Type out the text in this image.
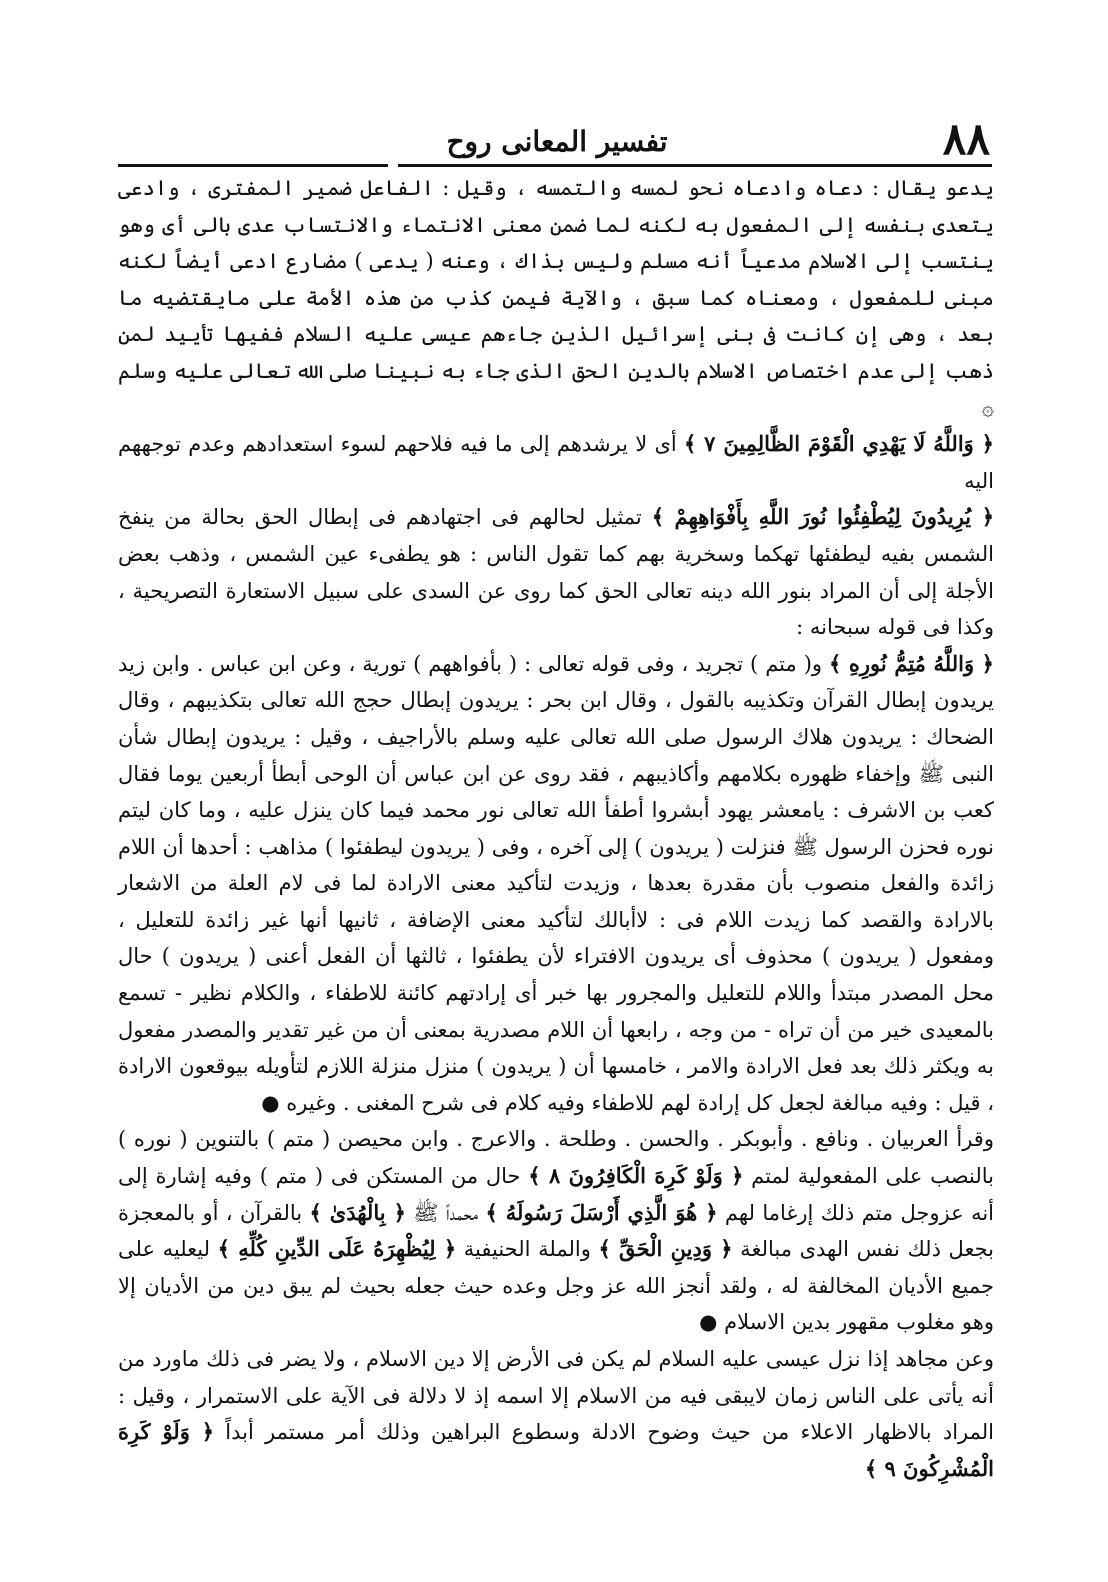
٨٨
تفسير المعانى روح

يدعو يقال : دعاه وادعاه نحو لمسه والتمسه ، وقيل : الفاعل ضمير المفترى ، وادعى يتعدى بنفسه إلى المفعول به لكنه لما ضمن معنى الانتماء والانتساب عدى بالى أى وهو ينتسب إلى الاسلام مدعياً أنه مسلم وليس بذاك ، وعنه ( يدعى ) مضارع ادعى أيضاً لكنه مبنى للمفعول ، ومعناه كما سبق ، والآية فيمن كذب من هذه الأمة على مايقتضيه ما بعد ، وهى إن كانت فى بنى إسرائيل الذين جاءهم عيسى عليه السلام ففيها تأييد لمن ذهب إلى عدم اختصاص الاسلام بالدين الحق الذى جاء به نبينا صلى الله تعالى عليه وسلم ۞

﴿ وَاللَّهُ لَا يَهْدِي الْقَوْمَ الظَّالِمِينَ ٧ ﴾ أى لا يرشدهم إلى ما فيه فلاحهم لسوء استعدادهم وعدم توجههم اليه

﴿ يُرِيدُونَ لِيُطْفِئُوا نُورَ اللَّهِ بِأَفْوَاهِهِمْ ﴾ تمثيل لحالهم فى اجتهادهم فى إبطال الحق بحالة من ينفخ الشمس بفيه ليطفئها تهكما وسخرية بهم كما تقول الناس : هو يطفىء عين الشمس ، وذهب بعض الأجلة إلى أن المراد بنور الله دينه تعالى الحق كما روى عن السدى على سبيل الاستعارة التصريحية ، وكذا فى قوله سبحانه :

﴿ وَاللَّهُ مُتِمُّ نُورِهِ ﴾ و( متم ) تجريد ، وفى قوله تعالى : ( بأفواههم ) تورية ، وعن ابن عباس . وابن زيد يريدون إبطال القرآن وتكذيبه بالقول ، وقال ابن بحر : يريدون إبطال حجج الله تعالى بتكذيبهم ، وقال الضحاك : يريدون هلاك الرسول صلى الله تعالى عليه وسلم بالأراجيف ، وقيل : يريدون إبطال شأن النبى ﷺ وإخفاء ظهوره بكلامهم وأكاذيبهم ، فقد روى عن ابن عباس أن الوحى أبطأ أربعين يوما فقال كعب بن الاشرف : يامعشر يهود أبشروا أطفأ الله تعالى نور محمد فيما كان ينزل عليه ، وما كان ليتم نوره فحزن الرسول ﷺ فنزلت ( يريدون ) إلى آخره ، وفى ( يريدون ليطفئوا ) مذاهب : أحدها أن اللام زائدة والفعل منصوب بأن مقدرة بعدها ، وزيدت لتأكيد معنى الارادة لما فى لام العلة من الاشعار بالارادة والقصد كما زيدت اللام فى : لاأبالك لتأكيد معنى الإضافة ، ثانيها أنها غير زائدة للتعليل ، ومفعول ( يريدون ) محذوف أى يريدون الافتراء لأن يطفئوا ، ثالثها أن الفعل أعنى ( يريدون ) حال محل المصدر مبتدأ واللام للتعليل والمجرور بها خبر أى إرادتهم كائنة للاطفاء ، والكلام نظير - تسمع بالمعيدى خير من أن تراه - من وجه ، رابعها أن اللام مصدرية بمعنى أن من غير تقدير والمصدر مفعول به ويكثر ذلك بعد فعل الارادة والامر ، خامسها أن ( يريدون ) منزل منزلة اللازم لتأويله بيوقعون الارادة ، قيل : وفيه مبالغة لجعل كل إرادة لهم للاطفاء وفيه كلام فى شرح المغنى . وغيره ●

وقرأ العربيان . ونافع . وأبوبكر . والحسن . وطلحة . والاعرج . وابن محيصن ( متم ) بالتنوين ( نوره ) بالنصب على المفعولية لمتم ﴿ وَلَوْ كَرِهَ الْكَافِرُونَ ٨ ﴾ حال من المستكن فى ( متم ) وفيه إشارة إلى أنه عزوجل متم ذلك إرغاما لهم ﴿ هُوَ الَّذِي أَرْسَلَ رَسُولَهُ ﴾ محمداً ﷺ ﴿ بِالْهُدَىٰ ﴾ بالقرآن ، أو بالمعجزة بجعل ذلك نفس الهدى مبالغة ﴿ وَدِينِ الْحَقِّ ﴾ والملة الحنيفية ﴿ لِيُظْهِرَهُ عَلَى الدِّينِ كُلِّهِ ﴾ ليعليه على جميع الأديان المخالفة له ، ولقد أنجز الله عز وجل وعده حيث جعله بحيث لم يبق دين من الأديان إلا وهو مغلوب مقهور بدين الاسلام ●

وعن مجاهد إذا نزل عيسى عليه السلام لم يكن فى الأرض إلا دين الاسلام ، ولا يضر فى ذلك ماورد من أنه يأتى على الناس زمان لايبقى فيه من الاسلام إلا اسمه إذ لا دلالة فى الآية على الاستمرار ، وقيل : المراد بالاظهار الاعلاء من حيث وضوح الادلة وسطوع البراهين وذلك أمر مستمر أبداً ﴿ وَلَوْ كَرِهَ الْمُشْرِكُونَ ٩ ﴾
